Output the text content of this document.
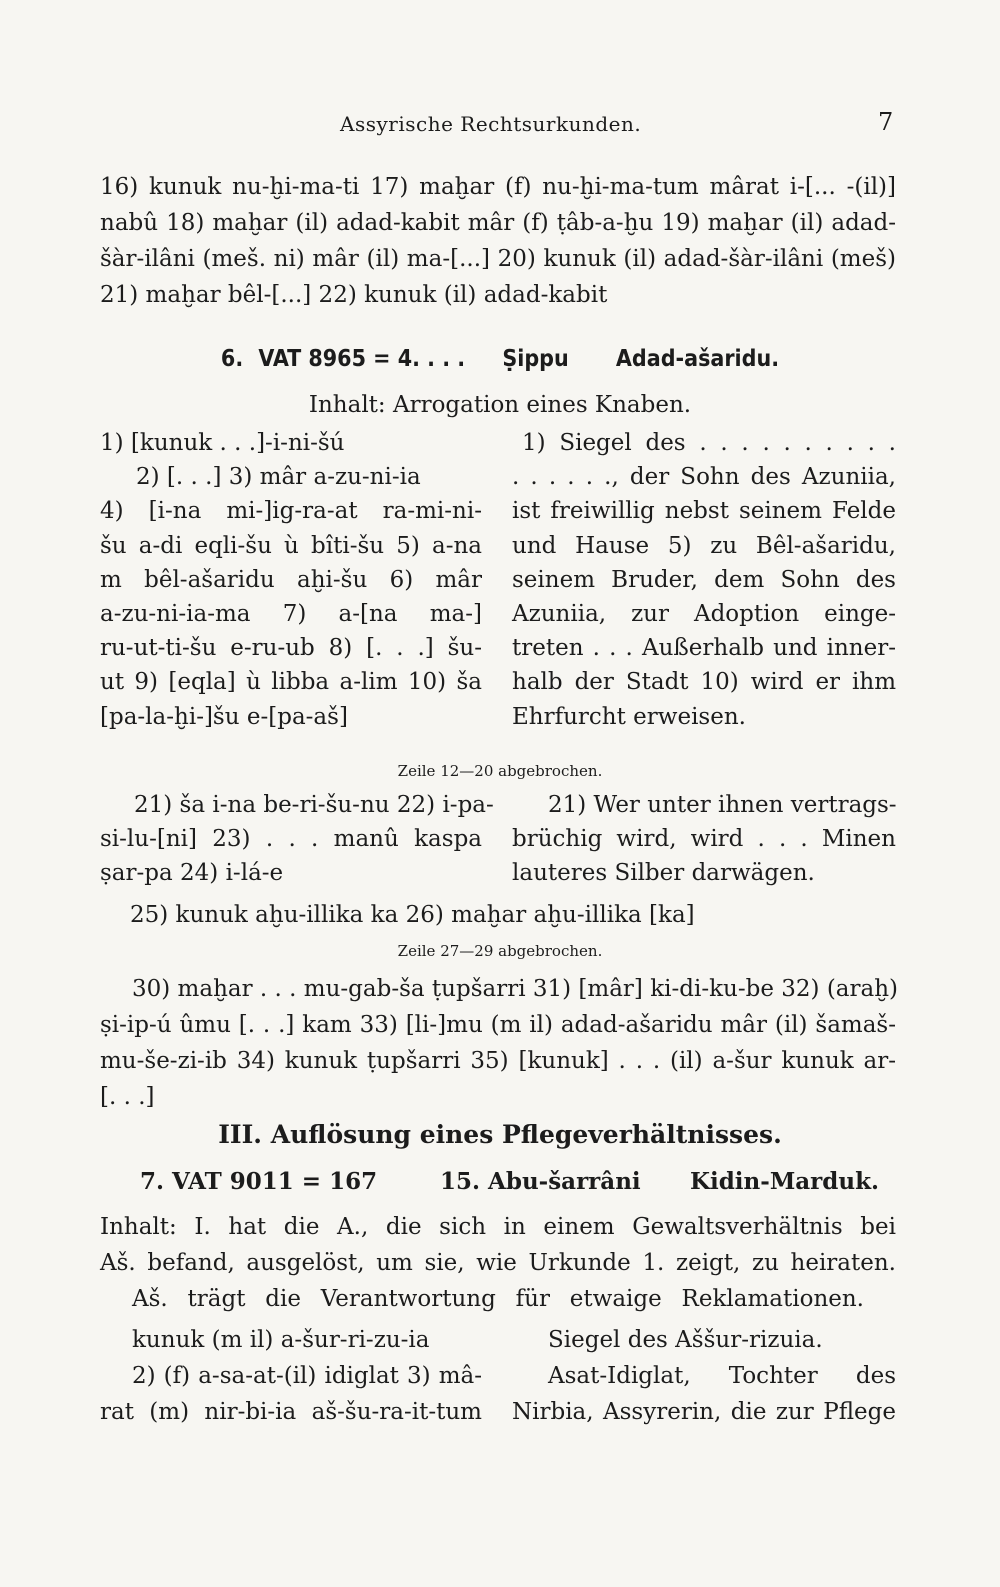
Assyrische Rechtsurkunden.	7
16) kunuk nu-ḫi-ma-ti 17) maḫar (f) nu-ḫi-ma-tum mârat i-[... -(il)]
nabû 18) maḫar (il) adad-kabit mâr (f) ṭâb-a-ḫu 19) maḫar (il) adad-
šàr-ilâni (meš. ni) mâr (il) ma-[...] 20) kunuk (il) adad-šàr-ilâni (meš)
21) maḫar bêl-[...] 22) kunuk (il) adad-kabit
6. VAT 8965 = 4. . . . Ṣippu Adad-ašaridu.
Inhalt: Arrogation eines Knaben.
1) [kunuk . . .]-i-ni-šú
2) [. . .] 3) mâr a-zu-ni-ia
4) [i-na mi-]ig-ra-at ra-mi-ni-
šu a-di eqli-šu ù bîti-šu 5) a-na
m bêl-ašaridu aḫi-šu 6) mâr
a-zu-ni-ia-ma 7) a-[na ma-]
ru-ut-ti-šu e-ru-ub 8) [. . .] šu-
ut 9) [eqla] ù libba a-lim 10) ša
[pa-la-ḫi-]šu e-[pa-aš]
1) Siegel des . . . . . . . . . .
. . . . . ., der Sohn des Azuniia,
ist freiwillig nebst seinem Felde
und Hause 5) zu Bêl-ašaridu,
seinem Bruder, dem Sohn des
Azuniia, zur Adoption einge-
treten . . . Außerhalb und inner-
halb der Stadt 10) wird er ihm
Ehrfurcht erweisen.
Zeile 12—20 abgebrochen.
21) ša i-na be-ri-šu-nu 22) i-pa-
si-lu-[ni] 23) . . . manû kaspa
ṣar-pa 24) i-lá-e
21) Wer unter ihnen vertrags-
brüchig wird, wird . . . Minen
lauteres Silber darwägen.
25) kunuk aḫu-illika ka 26) maḫar aḫu-illika [ka]
Zeile 27—29 abgebrochen.
30) maḫar . . . mu-gab-ša ṭupšarri 31) [mâr] ki-di-ku-be 32) (araḫ)
ṣi-ip-ú ûmu [. . .] kam 33) [li-]mu (m il) adad-ašaridu mâr (il) šamaš-
mu-še-zi-ib 34) kunuk ṭupšarri 35) [kunuk] . . . (il) a-šur kunuk ar-
[. . .]
III. Auflösung eines Pflegeverhältnisses.
7. VAT 9011 = 167	15. Abu-šarrâni Kidin-Marduk.
Inhalt: I. hat die A., die sich in einem Gewaltsverhältnis bei
Aš. befand, ausgelöst, um sie, wie Urkunde 1. zeigt, zu heiraten.
Aš. trägt die Verantwortung für etwaige Reklamationen.
kunuk (m il) a-šur-ri-zu-ia
2) (f) a-sa-at-(il) idiglat 3) mâ-
rat (m) nir-bi-ia aš-šu-ra-it-tum
Siegel des Aššur-rizuia.
Asat-Idiglat, Tochter des
Nirbia, Assyrerin, die zur Pflege
